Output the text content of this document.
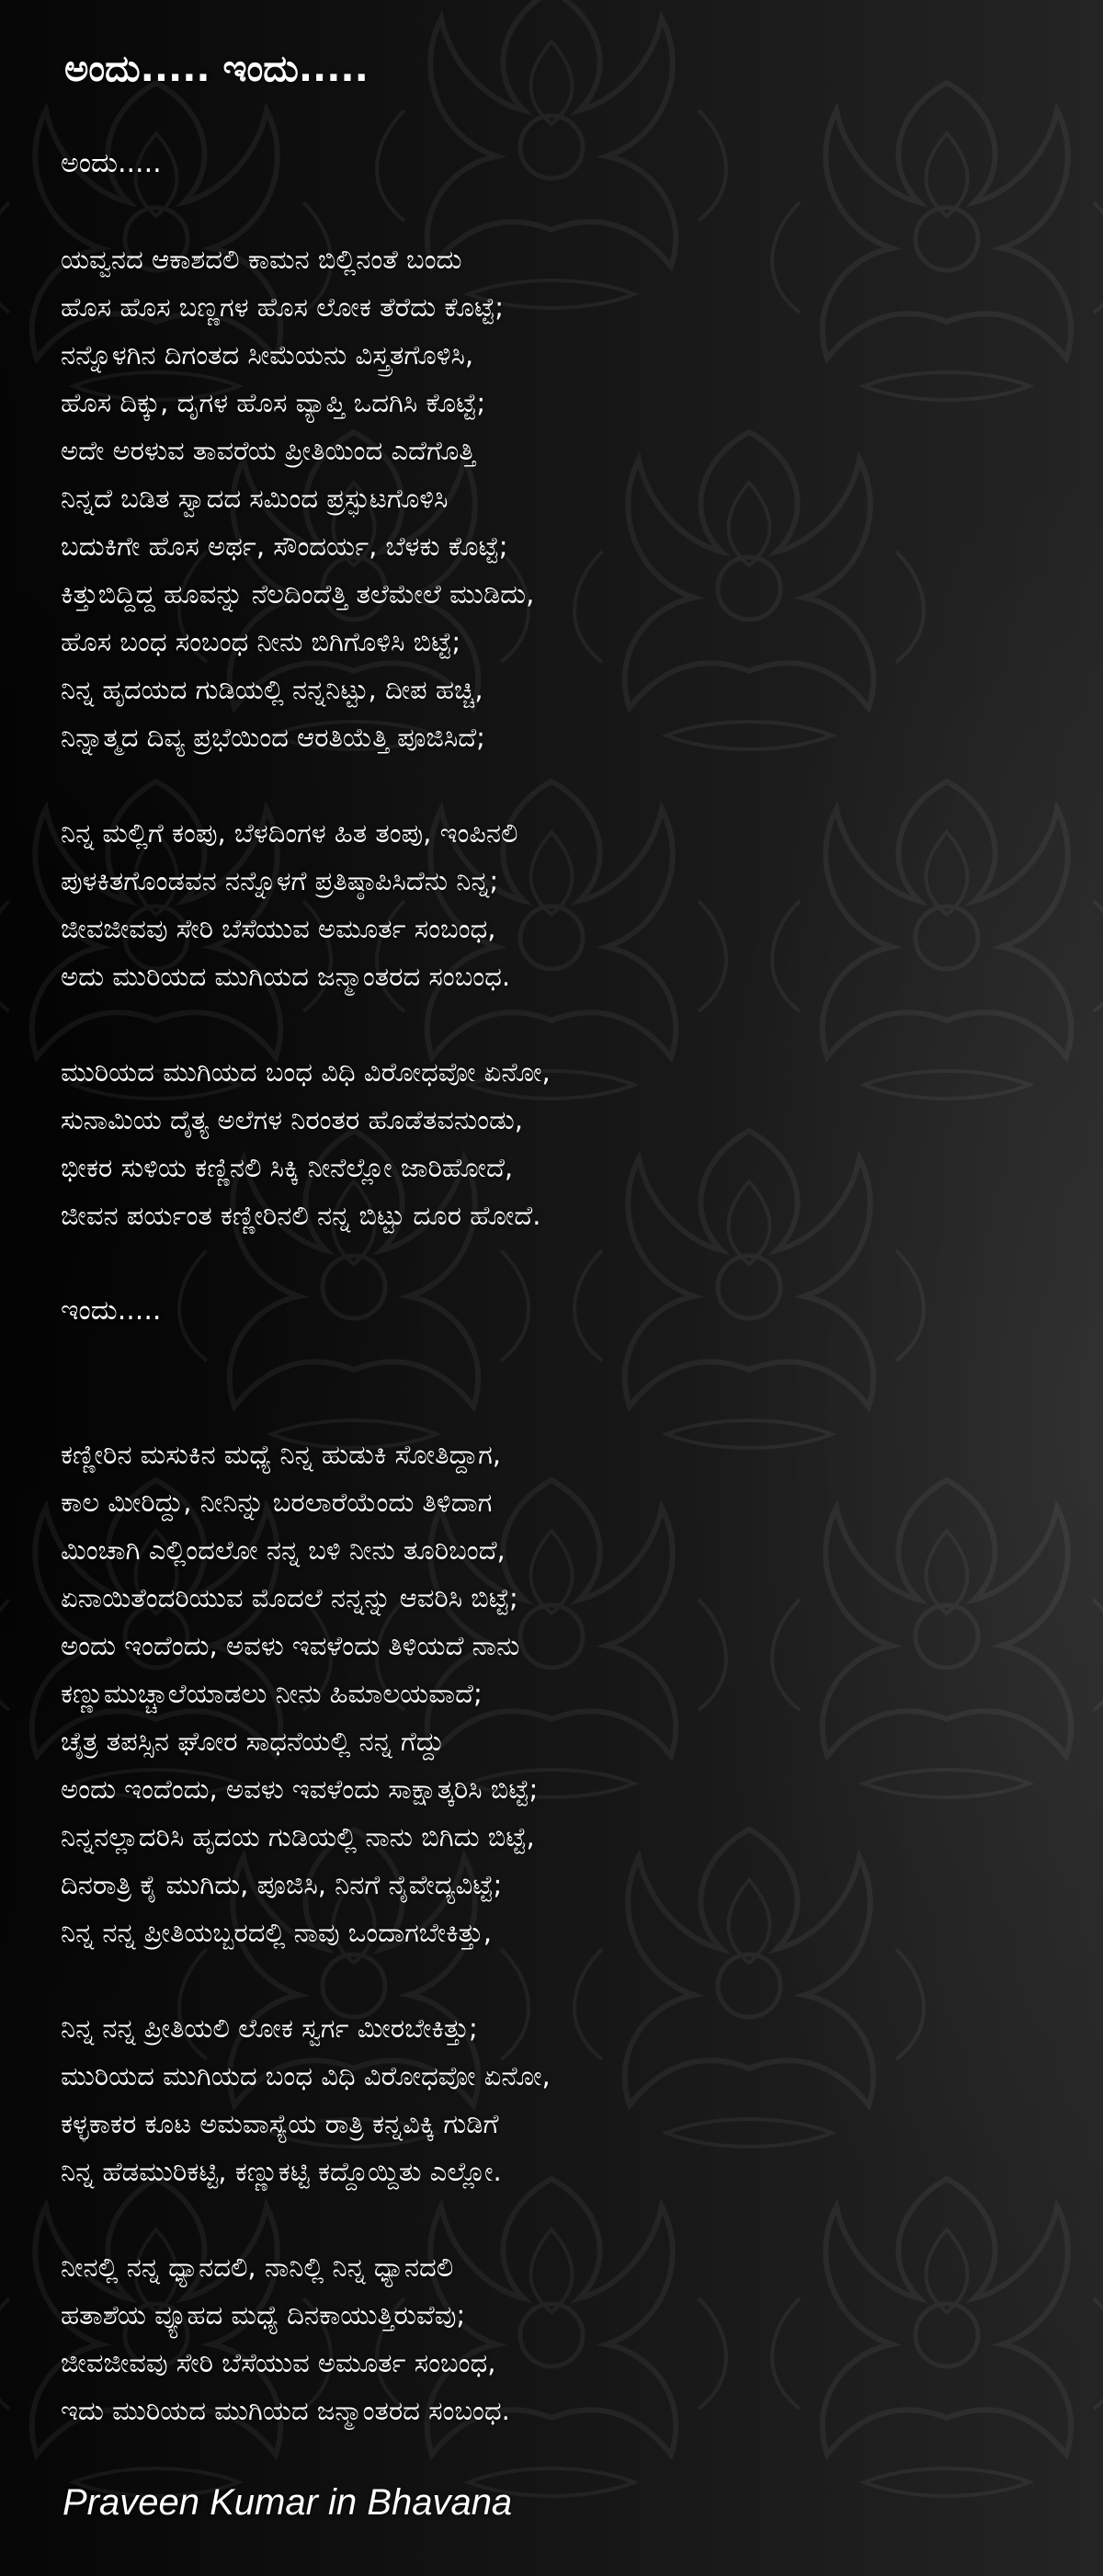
ಅಂದು..... ಇಂದು.....
ಅಂದು.....
ಯವ್ವನದ ಆಕಾಶದಲಿ ಕಾಮನ ಬಿಲ್ಲಿನಂತೆ ಬಂದು
ಹೊಸ ಹೊಸ ಬಣ್ಣಗಳ ಹೊಸ ಲೋಕ ತೆರೆದು ಕೊಟ್ಟೆ;
ನನ್ನೊಳಗಿನ ದಿಗಂತದ ಸೀಮೆಯನು ವಿಸ್ತ್ರತಗೊಳಿಸಿ,
ಹೊಸ ದಿಕ್ಕು, ದೃಗಳ ಹೊಸ ವ್ಯಾಪ್ತಿ ಒದಗಿಸಿ ಕೊಟ್ಟೆ;
ಅದೇ ಅರಳುವ ತಾವರೆಯ ಪ್ರೀತಿಯಿಂದ ಎದೆಗೊತ್ತಿ
ನಿನ್ನದೆ ಬಡಿತ ಸ್ವಾದದ ಸಮಿಂದ ಪ್ರಸ್ಫುಟಗೊಳಿಸಿ
ಬದುಕಿಗೇ ಹೊಸ ಅರ್ಥ, ಸೌಂದರ್ಯ, ಬೆಳಕು ಕೊಟ್ಟೆ;
ಕಿತ್ತುಬಿದ್ದಿದ್ದ ಹೂವನ್ನು ನೆಲದಿಂದೆತ್ತಿ ತಲೆಮೇಲೆ ಮುಡಿದು,
ಹೊಸ ಬಂಧ ಸಂಬಂಧ ನೀನು ಬಿಗಿಗೊಳಿಸಿ ಬಿಟ್ಟೆ;
ನಿನ್ನ ಹೃದಯದ ಗುಡಿಯಲ್ಲಿ ನನ್ನನಿಟ್ಟು, ದೀಪ ಹಚ್ಚಿ,
ನಿನ್ನಾತ್ಮದ ದಿವ್ಯ ಪ್ರಭೆಯಿಂದ ಆರತಿಯೆತ್ತಿ ಪೂಜಿಸಿದೆ;
ನಿನ್ನ ಮಲ್ಲಿಗೆ ಕಂಪು, ಬೆಳದಿಂಗಳ ಹಿತ ತಂಪು, ಇಂಪಿನಲಿ
ಪುಳಕಿತಗೊಂಡವನ ನನ್ನೊಳಗೆ ಪ್ರತಿಷ್ಠಾಪಿಸಿದೆನು ನಿನ್ನ;
ಜೀವಜೀವವು ಸೇರಿ ಬೆಸೆಯುವ ಅಮೂರ್ತ ಸಂಬಂಧ,
ಅದು ಮುರಿಯದ ಮುಗಿಯದ ಜನ್ಮಾಂತರದ ಸಂಬಂಧ.
ಮುರಿಯದ ಮುಗಿಯದ ಬಂಧ ವಿಧಿ ವಿರೋಧವೋ ಏನೋ,
ಸುನಾಮಿಯ ದೈತ್ಯ ಅಲೆಗಳ ನಿರಂತರ ಹೊಡೆತವನುಂಡು,
ಭೀಕರ ಸುಳಿಯ ಕಣ್ಣಿನಲಿ ಸಿಕ್ಕಿ ನೀನೆಲ್ಲೋ ಜಾರಿಹೋದೆ,
ಜೀವನ ಪರ್ಯಂತ ಕಣ್ಣೀರಿನಲಿ ನನ್ನ ಬಿಟ್ಟು ದೂರ ಹೋದೆ.
ಇಂದು.....
ಕಣ್ಣೀರಿನ ಮಸುಕಿನ ಮಧ್ಯೆ ನಿನ್ನ ಹುಡುಕಿ ಸೋತಿದ್ದಾಗ,
ಕಾಲ ಮೀರಿದ್ದು, ನೀನಿನ್ನು ಬರಲಾರೆಯೆಂದು ತಿಳಿದಾಗ
ಮಿಂಚಾಗಿ ಎಲ್ಲಿಂದಲೋ ನನ್ನ ಬಳಿ ನೀನು ತೂರಿಬಂದೆ,
ಏನಾಯಿತೆಂದರಿಯುವ ಮೊದಲೆ ನನ್ನನ್ನು ಆವರಿಸಿ ಬಿಟ್ಟೆ;
ಅಂದು ಇಂದೆಂದು, ಅವಳು ಇವಳೆಂದು ತಿಳಿಯದೆ ನಾನು
ಕಣ್ಣುಮುಚ್ಚಾಲೆಯಾಡಲು ನೀನು ಹಿಮಾಲಯವಾದೆ;
ಚೈತ್ರ ತಪಸ್ಸಿನ ಘೋರ ಸಾಧನೆಯಲ್ಲಿ ನನ್ನ ಗೆದ್ದು
ಅಂದು ಇಂದೆಂದು, ಅವಳು ಇವಳೆಂದು ಸಾಕ್ಷಾತ್ಕರಿಸಿ ಬಿಟ್ಟೆ;
ನಿನ್ನನಲ್ಲಾದರಿಸಿ ಹೃದಯ ಗುಡಿಯಲ್ಲಿ ನಾನು ಬಿಗಿದು ಬಿಟ್ಟೆ,
ದಿನರಾತ್ರಿ ಕೈ ಮುಗಿದು, ಪೂಜಿಸಿ, ನಿನಗೆ ನೈವೇದ್ಯವಿಟ್ಟೆ;
ನಿನ್ನ ನನ್ನ ಪ್ರೀತಿಯಬ್ಬರದಲ್ಲಿ ನಾವು ಒಂದಾಗಬೇಕಿತ್ತು,
ನಿನ್ನ ನನ್ನ ಪ್ರೀತಿಯಲಿ ಲೋಕ ಸ್ವರ್ಗ ಮೀರಬೇಕಿತ್ತು;
ಮುರಿಯದ ಮುಗಿಯದ ಬಂಧ ವಿಧಿ ವಿರೋಧವೋ ಏನೋ,
ಕಳ್ಳಕಾಕರ ಕೂಟ ಅಮವಾಸ್ಯೆಯ ರಾತ್ರಿ ಕನ್ನವಿಕ್ಕಿ ಗುಡಿಗೆ
ನಿನ್ನ ಹೆಡಮುರಿಕಟ್ಟಿ, ಕಣ್ಣುಕಟ್ಟಿ ಕದ್ದೊಯ್ದಿತು ಎಲ್ಲೋ.
ನೀನಲ್ಲಿ ನನ್ನ ಧ್ಯಾನದಲಿ, ನಾನಿಲ್ಲಿ ನಿನ್ನ ಧ್ಯಾನದಲಿ
ಹತಾಶೆಯ ವ್ಯೂಹದ ಮಧ್ಯೆ ದಿನಕಾಯುತ್ತಿರುವೆವು;
ಜೀವಜೀವವು ಸೇರಿ ಬೆಸೆಯುವ ಅಮೂರ್ತ ಸಂಬಂಧ,
ಇದು ಮುರಿಯದ ಮುಗಿಯದ ಜನ್ಮಾಂತರದ ಸಂಬಂಧ.

Praveen Kumar in Bhavana
